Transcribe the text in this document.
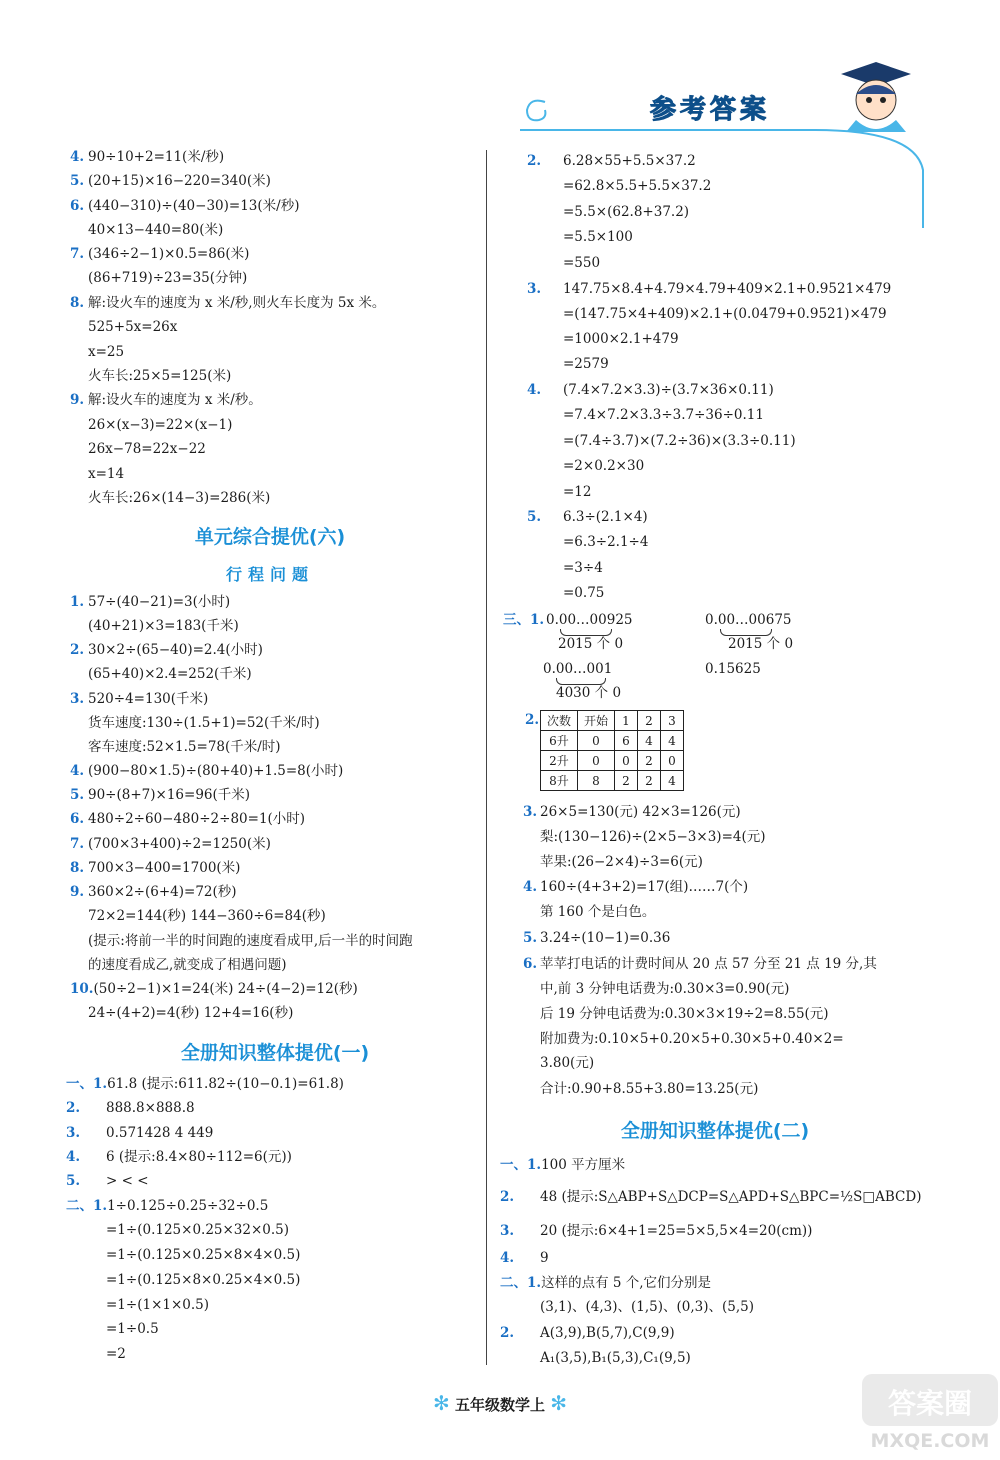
参考答案
4. 90÷10+2=11(米/秒)
5. (20+15)×16−220=340(米)
6. (440−310)÷(40−30)=13(米/秒)
40×13−440=80(米)
7. (346÷2−1)×0.5=86(米)
(86+719)÷23=35(分钟)
8. 解:设火车的速度为 x 米/秒,则火车长度为 5x 米。
525+5x=26x
x=25
火车长:25×5=125(米)
9. 解:设火车的速度为 x 米/秒。
26×(x−3)=22×(x−1)
26x−78=22x−22
x=14
火车长:26×(14−3)=286(米)
1. 57÷(40−21)=3(小时)
(40+21)×3=183(千米)
2. 30×2÷(65−40)=2.4(小时)
(65+40)×2.4=252(千米)
3. 520÷4=130(千米)
货车速度:130÷(1.5+1)=52(千米/时)
客车速度:52×1.5=78(千米/时)
4. (900−80×1.5)÷(80+40)+1.5=8(小时)
5. 90÷(8+7)×16=96(千米)
6. 480÷2÷60−480÷2÷80=1(小时)
7. (700×3+400)÷2=1250(米)
8. 700×3−400=1700(米)
9. 360×2÷(6+4)=72(秒)
72×2=144(秒) 144−360÷6=84(秒)
(提示:将前一半的时间跑的速度看成甲,后一半的时间跑
的速度看成乙,就变成了相遇问题)
10.(50÷2−1)×1=24(米) 24÷(4−2)=12(秒)
24÷(4+2)=4(秒) 12+4=16(秒)
一、1.61.8 (提示:611.82÷(10−0.1)=61.8)
2. 888.8×888.8
3. 0.571428 4 449
4. 6 (提示:8.4×80÷112=6(元))
5. > < <
二、1.1÷0.125÷0.25÷32÷0.5
=1÷(0.125×0.25×32×0.5)
=1÷(0.125×0.25×8×4×0.5)
=1÷(0.125×8×0.25×4×0.5)
=1÷(1×1×0.5)
=1÷0.5
=2
单元综合提优(六)
行程问题
全册知识整体提优(一)
2. 6.28×55+5.5×37.2
=62.8×5.5+5.5×37.2
=5.5×(62.8+37.2)
=5.5×100
=550
3. 147.75×8.4+4.79×4.79+409×2.1+0.9521×479
=(147.75×4+409)×2.1+(0.0479+0.9521)×479
=1000×2.1+479
=2579
4. (7.4×7.2×3.3)÷(3.7×36×0.11)
=7.4×7.2×3.3÷3.7÷36÷0.11
=(7.4÷3.7)×(7.2÷36)×(3.3÷0.11)
=2×0.2×30
=12
5. 6.3÷(2.1×4)
=6.3÷2.1÷4
=3÷4
=0.75
三、1. 0.00…00925
2015 个 0
0.00…00675
2015 个 0
0.00…001
4030 个 0
0.15625
2. 次数	开始	1	2	3
6升	0	6	4	4
2升	0	0	2	0
8升	8	2	2	4
3. 26×5=130(元) 42×3=126(元)
梨:(130−126)÷(2×5−3×3)=4(元)
苹果:(26−2×4)÷3=6(元)
4. 160÷(4+3+2)=17(组)……7(个)
第 160 个是白色。
5. 3.24÷(10−1)=0.36
6. 苹苹打电话的计费时间从 20 点 57 分至 21 点 19 分,其
中,前 3 分钟电话费为:0.30×3=0.90(元)
后 19 分钟电话费为:0.30×3×19÷2=8.55(元)
附加费为:0.10×5+0.20×5+0.30×5+0.40×2=
3.80(元)
合计:0.90+8.55+3.80=13.25(元)
全册知识整体提优(二)
一、1.100 平方厘米
2. 48 (提示:S△ABP+S△DCP=S△APD+S△BPC=½S□ABCD)
3. 20 (提示:6×4+1=25=5×5,5×4=20(cm))
4. 9
二、1.这样的点有 5 个,它们分别是
(3,1)、(4,3)、(1,5)、(0,3)、(5,5)
2. A(3,9),B(5,7),C(9,9)
A₁(3,5),B₁(5,3),C₁(9,5)
✻ 五年级数学上 ✻	答案圈
MXQE.COM
